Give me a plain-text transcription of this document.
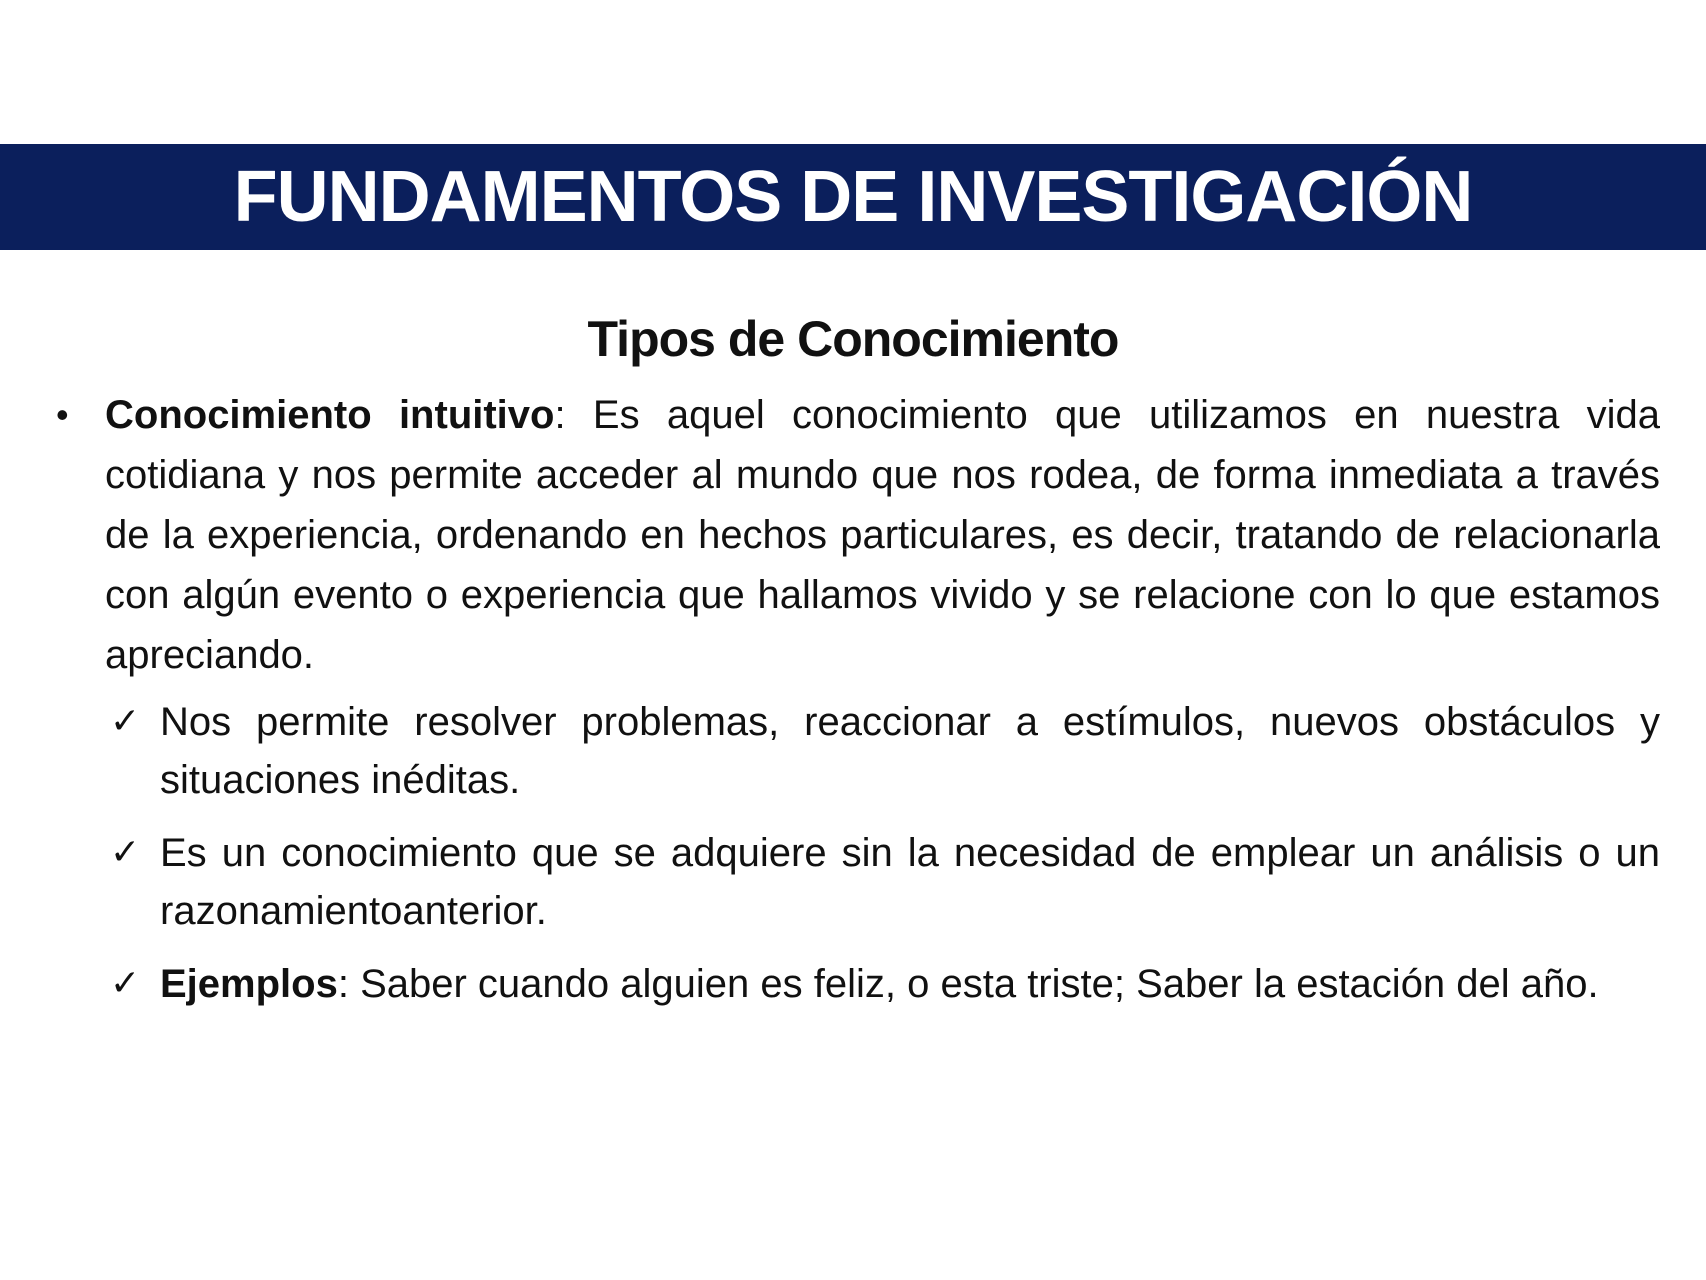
FUNDAMENTOS DE INVESTIGACIÓN
Tipos de Conocimiento
• Conocimiento intuitivo: Es aquel conocimiento que utilizamos en nuestra vida cotidiana y nos permite acceder al mundo que nos rodea, de forma inmediata a través de la experiencia, ordenando en hechos particulares, es decir, tratando de relacionarla con algún evento o experiencia que hallamos vivido y se relacione con lo que estamos apreciando.
✓ Nos permite resolver problemas, reaccionar a estímulos, nuevos obstáculos y situaciones inéditas.
✓ Es un conocimiento que se adquiere sin la necesidad de emplear un análisis o un razonamientoanterior.
✓ Ejemplos: Saber cuando alguien es feliz, o esta triste; Saber la estación del año.
